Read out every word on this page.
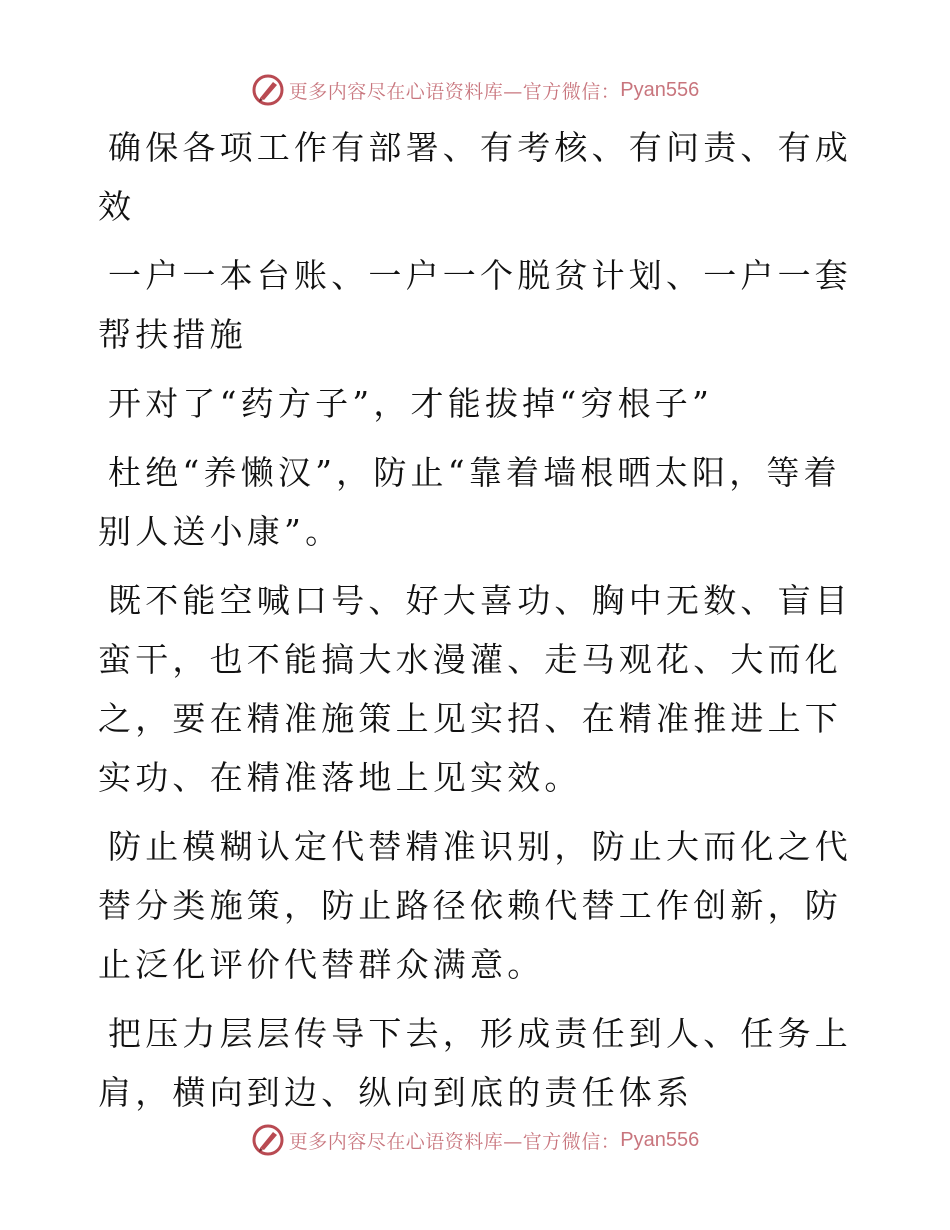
更多内容尽在心语资料库—官方微信： Pyan556

确保各项工作有部署、有考核、有问责、有成效

一户一本台账、一户一个脱贫计划、一户一套帮扶措施

开对了“药方子”，才能拔掉“穷根子”

杜绝“养懒汉”，防止“靠着墙根晒太阳，等着别人送小康”。

既不能空喊口号、好大喜功、胸中无数、盲目蛮干，也不能搞大水漫灌、走马观花、大而化之，要在精准施策上见实招、在精准推进上下实功、在精准落地上见实效。

防止模糊认定代替精准识别，防止大而化之代替分类施策，防止路径依赖代替工作创新，防止泛化评价代替群众满意。

把压力层层传导下去，形成责任到人、任务上肩，横向到边、纵向到底的责任体系

更多内容尽在心语资料库—官方微信： Pyan556
